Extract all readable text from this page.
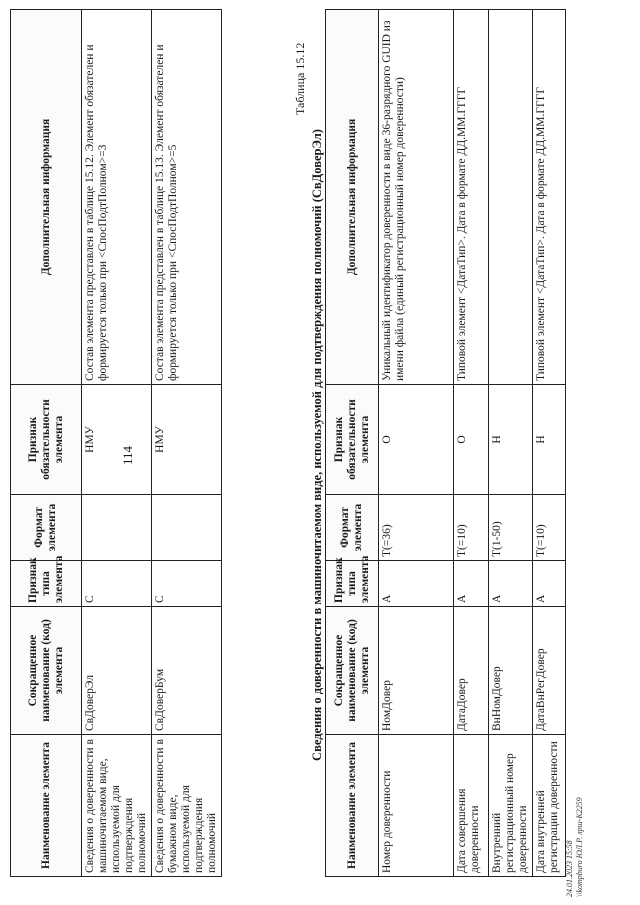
114
Наименование элемента	Сокращенное наименование (код) элемента	Признак типа элемента	Формат элемента	Признак обязательности элемента	Дополнительная информация
Сведения о доверенности в машиночитаемом виде, используемой для подтверждения полномочий	СвДоверЭл	С		НМУ	Состав элемента представлен в таблице 15.12. Элемент обязателен и формируется только при <СпосПодтПолном>=3
Сведения о доверенности в бумажном виде, используемой для подтверждения полномочий	СвДоверБум	С		НМУ	Состав элемента представлен в таблице 15.13. Элемент обязателен и формируется только при <СпосПодтПолном>=5
Таблица 15.12
Сведения о доверенности в машиночитаемом виде, используемой для подтверждения полномочий (СвДоверЭл)
Наименование элемента	Сокращенное наименование (код) элемента	Признак типа элемента	Формат элемента	Признак обязательности элемента	Дополнительная информация
Номер доверенности	НомДовер	А	Т(=36)	О	Уникальный идентификатор доверенности в виде 36-разрядного GUID из имени файла (единый регистрационный номер доверенности)
Дата совершения доверенности	ДатаДовер	А	Т(=10)	О	Типовой элемент <ДатаТип>. Дата в формате ДД.ММ.ГГГГ
Внутренний регистрационный номер доверенности	ВнНомДовер	А	Т(1-50)	Н	
Дата внутренней регистрации доверенности	ДатаВнРегДовер	А	Т(=10)	Н	Типовой элемент <ДатаТип>. Дата в формате ДД.ММ.ГГГГ
24.01.2023 15:58 \\kompburo ЮЛ.Р. лрш-К2259
